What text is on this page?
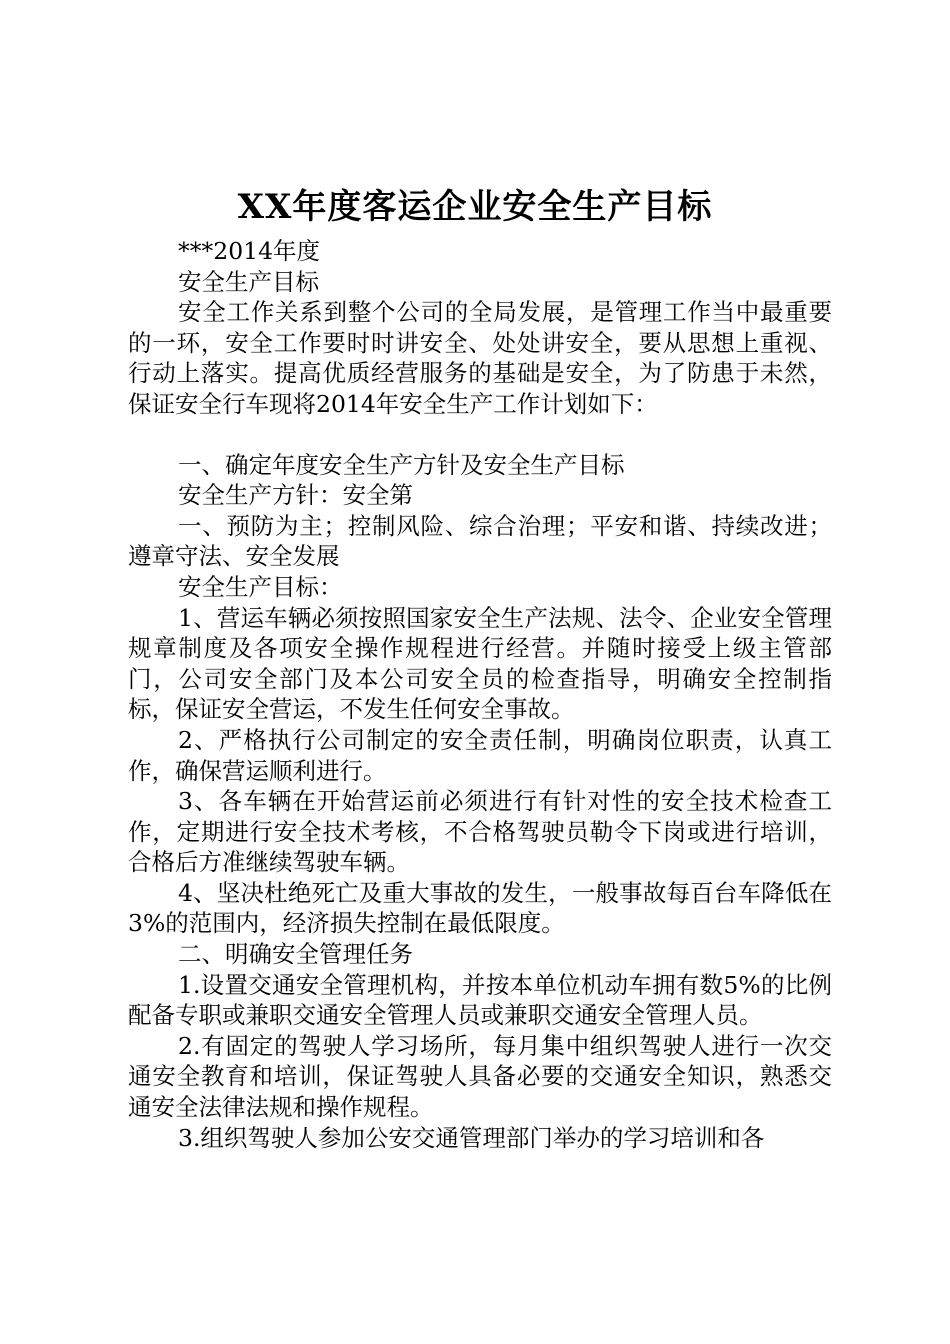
XX年度客运企业安全生产目标

***2014年度

安全生产目标

安全工作关系到整个公司的全局发展，是管理工作当中最重要的一环，安全工作要时时讲安全、处处讲安全，要从思想上重视、行动上落实。提高优质经营服务的基础是安全，为了防患于未然，保证安全行车现将2014年安全生产工作计划如下：

一、确定年度安全生产方针及安全生产目标

安全生产方针：安全第

一、预防为主；控制风险、综合治理；平安和谐、持续改进；遵章守法、安全发展

安全生产目标：

1、营运车辆必须按照国家安全生产法规、法令、企业安全管理规章制度及各项安全操作规程进行经营。并随时接受上级主管部门，公司安全部门及本公司安全员的检查指导，明确安全控制指标，保证安全营运，不发生任何安全事故。

2、严格执行公司制定的安全责任制，明确岗位职责，认真工作，确保营运顺利进行。

3、各车辆在开始营运前必须进行有针对性的安全技术检查工作，定期进行安全技术考核，不合格驾驶员勒令下岗或进行培训，合格后方准继续驾驶车辆。

4、坚决杜绝死亡及重大事故的发生，一般事故每百台车降低在3%的范围内，经济损失控制在最低限度。

二、明确安全管理任务

1.设置交通安全管理机构，并按本单位机动车拥有数5%的比例配备专职或兼职交通安全管理人员或兼职交通安全管理人员。

2.有固定的驾驶人学习场所，每月集中组织驾驶人进行一次交通安全教育和培训，保证驾驶人具备必要的交通安全知识，熟悉交通安全法律法规和操作规程。

3.组织驾驶人参加公安交通管理部门举办的学习培训和各
